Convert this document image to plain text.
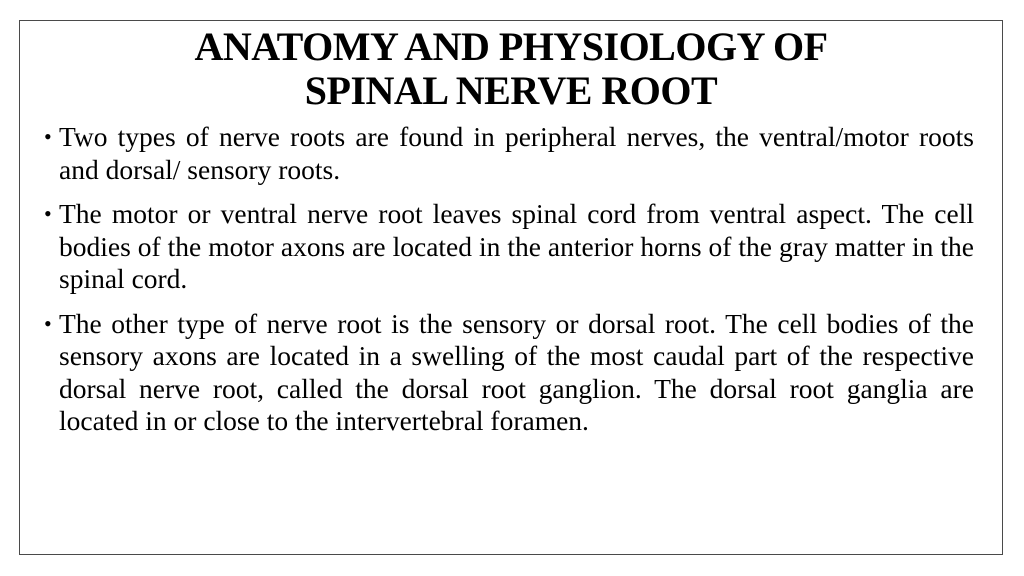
ANATOMY AND PHYSIOLOGY OF
SPINAL NERVE ROOT
• Two types of nerve roots are found in peripheral nerves, the ventral/motor roots and dorsal/ sensory roots.
• The motor or ventral nerve root leaves spinal cord from ventral aspect. The cell bodies of the motor axons are located in the anterior horns of the gray matter in the spinal cord.
• The other type of nerve root is the sensory or dorsal root. The cell bodies of the sensory axons are located in a swelling of the most caudal part of the respective dorsal nerve root, called the dorsal root ganglion. The dorsal root ganglia are located in or close to the intervertebral foramen.
